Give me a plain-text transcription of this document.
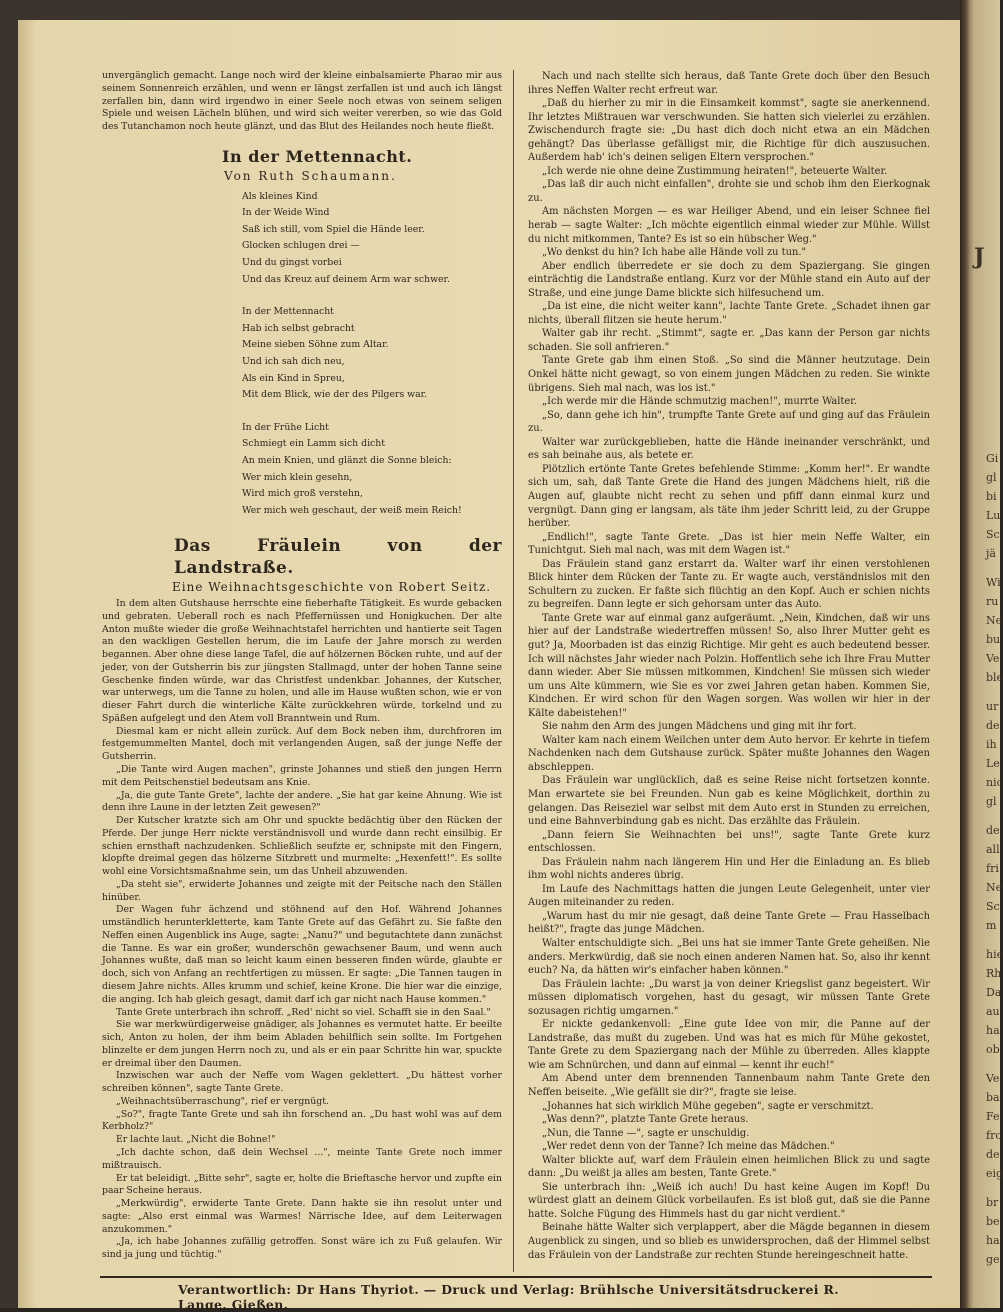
J
Gi
gl
bi
Lu
Sc
jä
Wi
ru
Ne
bu
Ve
ble
ur
de
ih
Le
nic
gl
de
all
fri
Ne
Sc
m
hie
Rh
Da
au
ha
ob
Ve
ba
Fe
fro
de
eig
br
be
ha
ge

unvergänglich gemacht. Lange noch wird der kleine einbalsamierte Pharao mir aus seinem Sonnenreich erzählen, und wenn er längst zerfallen ist und auch ich längst zerfallen bin, dann wird irgendwo in einer Seele noch etwas von seinem seligen Spiele und weisen Lächeln blühen, und wird sich weiter vererben, so wie das Gold des Tutanchamon noch heute glänzt, und das Blut des Heilandes noch heute fließt.

In der Mettennacht.
Von Ruth Schaumann.
Als kleines Kind
In der Weide Wind
Saß ich still, vom Spiel die Hände leer.
Glocken schlugen drei —
Und du gingst vorbei
Und das Kreuz auf deinem Arm war schwer.
In der Mettennacht
Hab ich selbst gebracht
Meine sieben Söhne zum Altar.
Und ich sah dich neu,
Als ein Kind in Spreu,
Mit dem Blick, wie der des Pilgers war.
In der Frühe Licht
Schmiegt ein Lamm sich dicht
An mein Knien, und glänzt die Sonne bleich:
Wer mich klein gesehn,
Wird mich groß verstehn,
Wer mich weh geschaut, der weiß mein Reich!
Das Fräulein von der Landstraße.
Eine Weihnachtsgeschichte von Robert Seitz.

In dem alten Gutshause herrschte eine fieberhafte Tätigkeit. Es wurde gebacken und gebraten. Ueberall roch es nach Pfeffernüssen und Honigkuchen. Der alte Anton mußte wieder die große Weihnachtstafel herrichten und hantierte seit Tagen an den wackligen Gestellen herum, die im Laufe der Jahre morsch zu werden begannen. Aber ohne diese lange Tafel, die auf hölzernen Böcken ruhte, und auf der jeder, von der Gutsherrin bis zur jüngsten Stallmagd, unter der hohen Tanne seine Geschenke finden würde, war das Christfest undenkbar. Johannes, der Kutscher, war unterwegs, um die Tanne zu holen, und alle im Hause wußten schon, wie er von dieser Fahrt durch die winterliche Kälte zurückkehren würde, torkelnd und zu Späßen aufgelegt und den Atem voll Branntwein und Rum.

Diesmal kam er nicht allein zurück. Auf dem Bock neben ihm, durchfroren im festgemummelten Mantel, doch mit verlangenden Augen, saß der junge Neffe der Gutsherrin.

„Die Tante wird Augen machen", grinste Johannes und stieß den jungen Herrn mit dem Peitschenstiel bedeutsam ans Knie.

„Ja, die gute Tante Grete", lachte der andere. „Sie hat gar keine Ahnung. Wie ist denn ihre Laune in der letzten Zeit gewesen?"

Der Kutscher kratzte sich am Ohr und spuckte bedächtig über den Rücken der Pferde. Der junge Herr nickte verständnisvoll und wurde dann recht einsilbig. Er schien ernsthaft nachzudenken. Schließlich seufzte er, schnipste mit den Fingern, klopfte dreimal gegen das hölzerne Sitzbrett und murmelte: „Hexenfett!". Es sollte wohl eine Vorsichtsmaßnahme sein, um das Unheil abzuwenden.

„Da steht sie", erwiderte Johannes und zeigte mit der Peitsche nach den Ställen hinüber.

Der Wagen fuhr ächzend und stöhnend auf den Hof. Während Johannes umständlich herunterkletterte, kam Tante Grete auf das Gefährt zu. Sie faßte den Neffen einen Augenblick ins Auge, sagte: „Nanu?" und begutachtete dann zunächst die Tanne. Es war ein großer, wunderschön gewachsener Baum, und wenn auch Johannes wußte, daß man so leicht kaum einen besseren finden würde, glaubte er doch, sich von Anfang an rechtfertigen zu müssen. Er sagte: „Die Tannen taugen in diesem Jahre nichts. Alles krumm und schief, keine Krone. Die hier war die einzige, die anging. Ich hab gleich gesagt, damit darf ich gar nicht nach Hause kommen."

Tante Grete unterbrach ihn schroff. „Red' nicht so viel. Schafft sie in den Saal."

Sie war merkwürdigerweise gnädiger, als Johannes es vermutet hatte. Er beeilte sich, Anton zu holen, der ihm beim Abladen behilflich sein sollte. Im Fortgehen blinzelte er dem jungen Herrn noch zu, und als er ein paar Schritte hin war, spuckte er dreimal über den Daumen.

Inzwischen war auch der Neffe vom Wagen geklettert. „Du hättest vorher schreiben können", sagte Tante Grete.

„Weihnachtsüberraschung", rief er vergnügt.

„So?", fragte Tante Grete und sah ihn forschend an. „Du hast wohl was auf dem Kerbholz?"

Er lachte laut. „Nicht die Bohne!"

„Ich dachte schon, daß dein Wechsel ...", meinte Tante Grete noch immer mißtrauisch.

Er tat beleidigt. „Bitte sehr", sagte er, holte die Brieftasche hervor und zupfte ein paar Scheine heraus.

„Merkwürdig", erwiderte Tante Grete. Dann hakte sie ihn resolut unter und sagte: „Also erst einmal was Warmes! Närrische Idee, auf dem Leiterwagen anzukommen."

„Ja, ich habe Johannes zufällig getroffen. Sonst wäre ich zu Fuß gelaufen. Wir sind ja jung und tüchtig."

Nach und nach stellte sich heraus, daß Tante Grete doch über den Besuch ihres Neffen Walter recht erfreut war.

„Daß du hierher zu mir in die Einsamkeit kommst", sagte sie anerkennend. Ihr letztes Mißtrauen war verschwunden. Sie hatten sich vielerlei zu erzählen. Zwischendurch fragte sie: „Du hast dich doch nicht etwa an ein Mädchen gehängt? Das überlasse gefälligst mir, die Richtige für dich auszusuchen. Außerdem hab' ich's deinen seligen Eltern versprochen."

„Ich werde nie ohne deine Zustimmung heiraten!", beteuerte Walter.

„Das laß dir auch nicht einfallen", drohte sie und schob ihm den Eierkognak zu.

Am nächsten Morgen — es war Heiliger Abend, und ein leiser Schnee fiel herab — sagte Walter: „Ich möchte eigentlich einmal wieder zur Mühle. Willst du nicht mitkommen, Tante? Es ist so ein hübscher Weg."

„Wo denkst du hin? Ich habe alle Hände voll zu tun."

Aber endlich überredete er sie doch zu dem Spaziergang. Sie gingen einträchtig die Landstraße entlang. Kurz vor der Mühle stand ein Auto auf der Straße, und eine junge Dame blickte sich hilfesuchend um.

„Da ist eine, die nicht weiter kann", lachte Tante Grete. „Schadet ihnen gar nichts, überall flitzen sie heute herum."

Walter gab ihr recht. „Stimmt", sagte er. „Das kann der Person gar nichts schaden. Sie soll anfrieren."

Tante Grete gab ihm einen Stoß. „So sind die Männer heutzutage. Dein Onkel hätte nicht gewagt, so von einem jungen Mädchen zu reden. Sie winkte übrigens. Sieh mal nach, was los ist."

„Ich werde mir die Hände schmutzig machen!", murrte Walter.

„So, dann gehe ich hin", trumpfte Tante Grete auf und ging auf das Fräulein zu.

Walter war zurückgeblieben, hatte die Hände ineinander verschränkt, und es sah beinahe aus, als betete er.

Plötzlich ertönte Tante Gretes befehlende Stimme: „Komm her!". Er wandte sich um, sah, daß Tante Grete die Hand des jungen Mädchens hielt, riß die Augen auf, glaubte nicht recht zu sehen und pfiff dann einmal kurz und vergnügt. Dann ging er langsam, als täte ihm jeder Schritt leid, zu der Gruppe herüber.

„Endlich!", sagte Tante Grete. „Das ist hier mein Neffe Walter, ein Tunichtgut. Sieh mal nach, was mit dem Wagen ist."

Das Fräulein stand ganz erstarrt da. Walter warf ihr einen verstohlenen Blick hinter dem Rücken der Tante zu. Er wagte auch, verständnislos mit den Schultern zu zucken. Er faßte sich flüchtig an den Kopf. Auch er schien nichts zu begreifen. Dann legte er sich gehorsam unter das Auto.

Tante Grete war auf einmal ganz aufgeräumt. „Nein, Kindchen, daß wir uns hier auf der Landstraße wiedertreffen müssen! So, also Ihrer Mutter geht es gut? Ja, Moorbaden ist das einzig Richtige. Mir geht es auch bedeutend besser. Ich will nächstes Jahr wieder nach Polzin. Hoffentlich sehe ich Ihre Frau Mutter dann wieder. Aber Sie müssen mitkommen, Kindchen! Sie müssen sich wieder um uns Alte kümmern, wie Sie es vor zwei Jahren getan haben. Kommen Sie, Kindchen. Er wird schon für den Wagen sorgen. Was wollen wir hier in der Kälte dabeistehen!"

Sie nahm den Arm des jungen Mädchens und ging mit ihr fort.

Walter kam nach einem Weilchen unter dem Auto hervor. Er kehrte in tiefem Nachdenken nach dem Gutshause zurück. Später mußte Johannes den Wagen abschleppen.

Das Fräulein war unglücklich, daß es seine Reise nicht fortsetzen konnte. Man erwartete sie bei Freunden. Nun gab es keine Möglichkeit, dorthin zu gelangen. Das Reiseziel war selbst mit dem Auto erst in Stunden zu erreichen, und eine Bahnverbindung gab es nicht. Das erzählte das Fräulein.

„Dann feiern Sie Weihnachten bei uns!", sagte Tante Grete kurz entschlossen.

Das Fräulein nahm nach längerem Hin und Her die Einladung an. Es blieb ihm wohl nichts anderes übrig.

Im Laufe des Nachmittags hatten die jungen Leute Gelegenheit, unter vier Augen miteinander zu reden.

„Warum hast du mir nie gesagt, daß deine Tante Grete — Frau Hasselbach heißt?", fragte das junge Mädchen.

Walter entschuldigte sich. „Bei uns hat sie immer Tante Grete geheißen. Nie anders. Merkwürdig, daß sie noch einen anderen Namen hat. So, also ihr kennt euch? Na, da hätten wir's einfacher haben können."

Das Fräulein lachte: „Du warst ja von deiner Kriegslist ganz begeistert. Wir müssen diplomatisch vorgehen, hast du gesagt, wir müssen Tante Grete sozusagen richtig umgarnen."

Er nickte gedankenvoll: „Eine gute Idee von mir, die Panne auf der Landstraße, das mußt du zugeben. Und was hat es mich für Mühe gekostet, Tante Grete zu dem Spaziergang nach der Mühle zu überreden. Alles klappte wie am Schnürchen, und dann auf einmal — kennt ihr euch!"

Am Abend unter dem brennenden Tannenbaum nahm Tante Grete den Neffen beiseite. „Wie gefällt sie dir?", fragte sie leise.

„Johannes hat sich wirklich Mühe gegeben", sagte er verschmitzt.

„Was denn?", platzte Tante Grete heraus.

„Nun, die Tanne —", sagte er unschuldig.

„Wer redet denn von der Tanne? Ich meine das Mädchen."

Walter blickte auf, warf dem Fräulein einen heimlichen Blick zu und sagte dann: „Du weißt ja alles am besten, Tante Grete."

Sie unterbrach ihn: „Weiß ich auch! Du hast keine Augen im Kopf! Du würdest glatt an deinem Glück vorbeilaufen. Es ist bloß gut, daß sie die Panne hatte. Solche Fügung des Himmels hast du gar nicht verdient."

Beinahe hätte Walter sich verplappert, aber die Mägde begannen in diesem Augenblick zu singen, und so blieb es unwidersprochen, daß der Himmel selbst das Fräulein von der Landstraße zur rechten Stunde hereingeschneit hatte.

Verantwortlich: Dr Hans Thyriot. — Druck und Verlag: Brühlsche Universitätsdruckerei R. Lange, Gießen.
